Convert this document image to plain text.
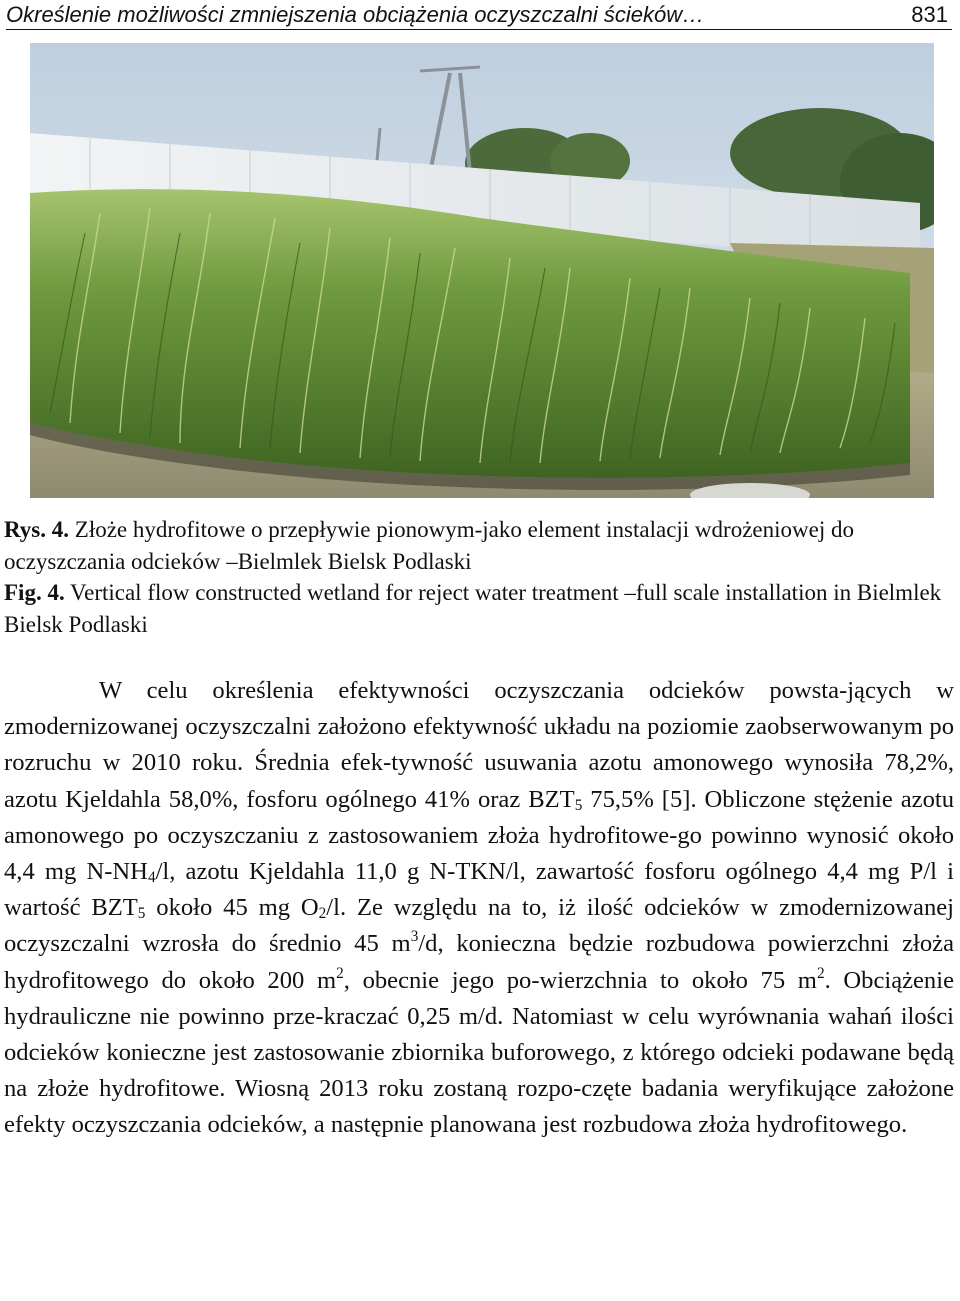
Określenie możliwości zmniejszenia obciążenia oczyszczalni ścieków…	831

Rys. 4. Złoże hydrofitowe o przepływie pionowym-jako element instalacji wdrożeniowej do oczyszczania odcieków –Bielmlek Bielsk Podlaski

Fig. 4. Vertical flow constructed wetland for reject water treatment –full scale installation in Bielmlek Bielsk Podlaski

W celu określenia efektywności oczyszczania odcieków powsta-jących w zmodernizowanej oczyszczalni założono efektywność układu na poziomie zaobserwowanym po rozruchu w 2010 roku. Średnia efek-tywność usuwania azotu amonowego wynosiła 78,2%, azotu Kjeldahla 58,0%, fosforu ogólnego 41% oraz $BZT_5$ 75,5% [5]. Obliczone stężenie azotu amonowego po oczyszczaniu z zastosowaniem złoża hydrofitowe-go powinno wynosić około 4,4 mg $N-NH_4/l$, azotu Kjeldahla 11,0 g N-TKN/l, zawartość fosforu ogólnego 4,4 mg P/l i wartość $BZT_5$ około 45 mg $O_2/l$. Ze względu na to, iż ilość odcieków w zmodernizowanej oczyszczalni wzrosła do średnio 45 $m^3/d$, konieczna będzie rozbudowa powierzchni złoża hydrofitowego do około 200 $m^2$, obecnie jego po-wierzchnia to około 75 $m^2$. Obciążenie hydrauliczne nie powinno prze-kraczać 0,25 m/d. Natomiast w celu wyrównania wahań ilości odcieków konieczne jest zastosowanie zbiornika buforowego, z którego odcieki podawane będą na złoże hydrofitowe. Wiosną 2013 roku zostaną rozpo-częte badania weryfikujące założone efekty oczyszczania odcieków, a następnie planowana jest rozbudowa złoża hydrofitowego.
